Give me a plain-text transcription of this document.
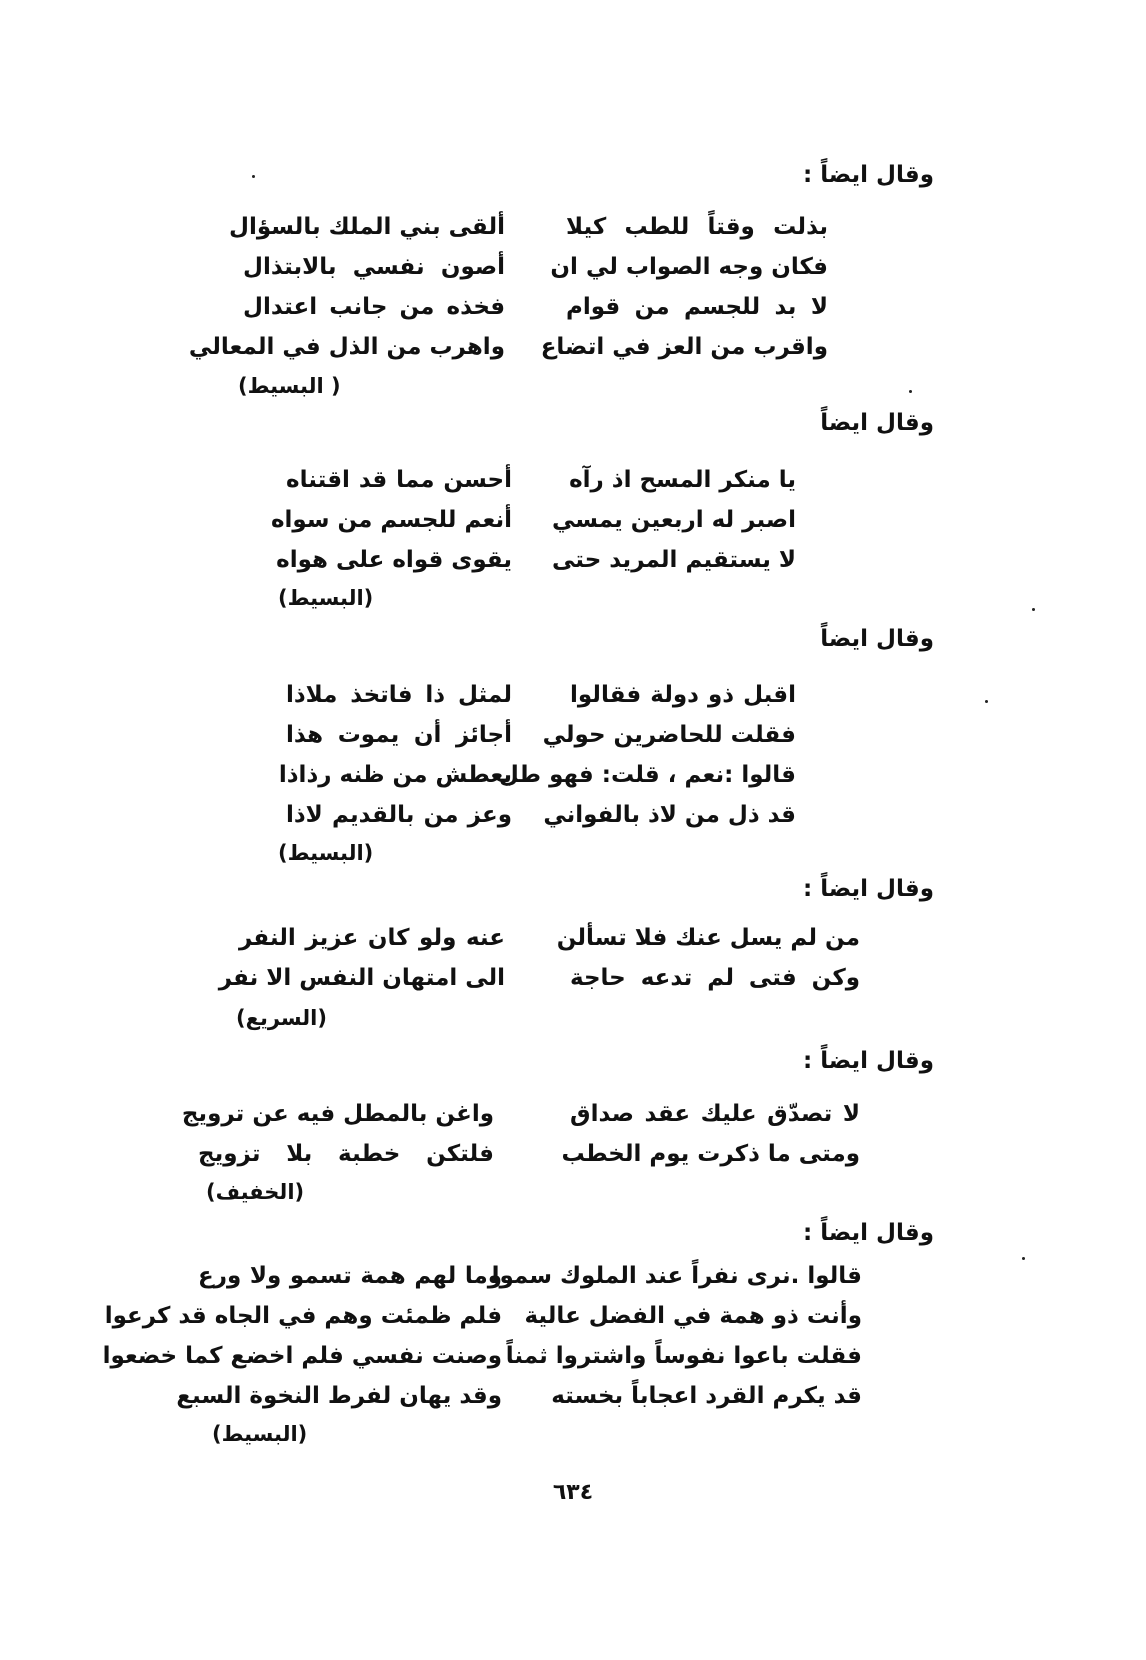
وقال ايضاً :
بذلت وقتاً للطب كيلا
ألقى بني الملك بالسؤال
فكان وجه الصواب لي ان
أصون نفسي بالابتذال
لا بد للجسم من قوام
فخذه من جانب اعتدال
واقرب من العز في اتضاع
واهرب من الذل في المعالي
( البسيط)
وقال ايضاً
يا منكر المسح اذ رآه
أحسن مما قد اقتناه
اصبر له اربعين يمسي
أنعم للجسم من سواه
لا يستقيم المريد حتى
يقوى قواه على هواه
(البسيط)
وقال ايضاً
اقبل ذو دولة فقالوا
لمثل ذا فاتخذ ملاذا
فقلت للحاضرين حولي
أجائز أن يموت هذا
قالوا :نعم ، قلت: فهو طل
يعطش من ظنه رذاذا
قد ذل من لاذ بالفواني
وعز من بالقديم لاذا
(البسيط)
وقال ايضاً :
من لم يسل عنك فلا تسألن
عنه ولو كان عزيز النفر
وكن فتى لم تدعه حاجة
الى امتهان النفس الا نفر
(السريع)
وقال ايضاً :
لا تصدّق عليك عقد صداق
واغن بالمطل فيه عن ترويج
ومتى ما ذكرت يوم الخطب
فلتكن خطبة بلا تزويج
(الخفيف)
وقال ايضاً :
قالوا .نرى نفراً عند الملوك سموا
وما لهم همة تسمو ولا ورع
وأنت ذو همة في الفضل عالية
فلم ظمئت وهم في الجاه قد كرعوا
فقلت باعوا نفوساً واشتروا ثمناً
وصنت نفسي فلم اخضع كما خضعوا
قد يكرم القرد اعجاباً بخسته
وقد يهان لفرط النخوة السبع
(البسيط)
٦٣٤
